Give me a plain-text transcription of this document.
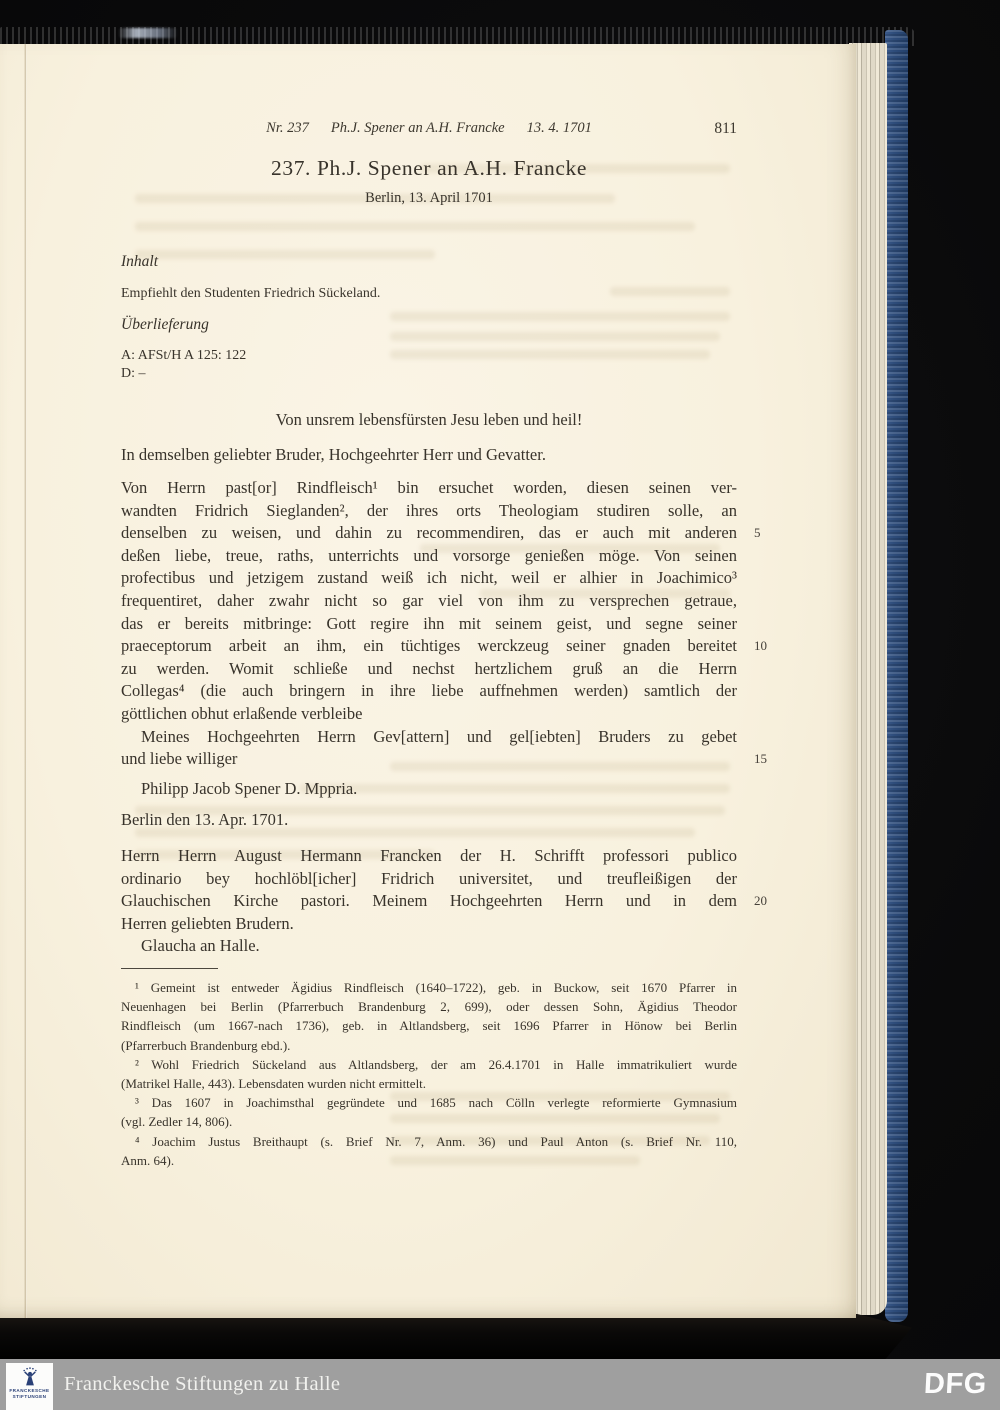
Nr. 237 Ph.J. Spener an A.H. Francke 13. 4. 1701	811
237. Ph.J. Spener an A.H. Francke
Berlin, 13. April 1701
Inhalt
Empfiehlt den Studenten Friedrich Sückeland.
Überlieferung
A: AFSt/H A 125: 122
D: –
Von unsrem lebensfürsten Jesu leben und heil!
In demselben geliebter Bruder, Hochgeehrter Herr und Gevatter.
Von Herrn past[or] Rindfleisch¹ bin ersuchet worden, diesen seinen ver-
wandten Fridrich Sieglanden², der ihres orts Theologiam studiren solle, an
denselben zu weisen, und dahin zu recommendiren, das er auch mit anderen 5
deßen liebe, treue, raths, unterrichts und vorsorge genießen möge. Von seinen
profectibus und jetzigem zustand weiß ich nicht, weil er alhier in Joachimico³
frequentiret, daher zwahr nicht so gar viel von ihm zu versprechen getraue,
das er bereits mitbringe: Gott regire ihn mit seinem geist, und segne seiner
praeceptorum arbeit an ihm, ein tüchtiges werckzeug seiner gnaden bereitet 10
zu werden. Womit schließe und nechst hertzlichem gruß an die Herrn
Collegas⁴ (die auch bringern in ihre liebe auffnehmen werden) samtlich der
göttlichen obhut erlaßende verbleibe
Meines Hochgeehrten Herrn Gev[attern] und gel[iebten] Bruders zu gebet
und liebe williger	15
Philipp Jacob Spener D. Mppria.
Berlin den 13. Apr. 1701.
Herrn Herrn August Hermann Francken der H. Schrifft professori publico
ordinario bey hochlöbl[icher] Fridrich universitet, und treufleißigen der
Glauchischen Kirche pastori. Meinem Hochgeehrten Herrn und in dem 20
Herren geliebten Brudern.
Glaucha an Halle.
¹ Gemeint ist entweder Ägidius Rindfleisch (1640–1722), geb. in Buckow, seit 1670 Pfarrer in
Neuenhagen bei Berlin (Pfarrerbuch Brandenburg 2, 699), oder dessen Sohn, Ägidius Theodor
Rindfleisch (um 1667-nach 1736), geb. in Altlandsberg, seit 1696 Pfarrer in Hönow bei Berlin
(Pfarrerbuch Brandenburg ebd.).
² Wohl Friedrich Sückeland aus Altlandsberg, der am 26.4.1701 in Halle immatrikuliert wurde
(Matrikel Halle, 443). Lebensdaten wurden nicht ermittelt.
³ Das 1607 in Joachimsthal gegründete und 1685 nach Cölln verlegte reformierte Gymnasium
(vgl. Zedler 14, 806).
⁴ Joachim Justus Breithaupt (s. Brief Nr. 7, Anm. 36) und Paul Anton (s. Brief Nr. 110,
Anm. 64).
FRANCKESCHE
STIFTUNGEN
Franckesche Stiftungen zu Halle	DFG
